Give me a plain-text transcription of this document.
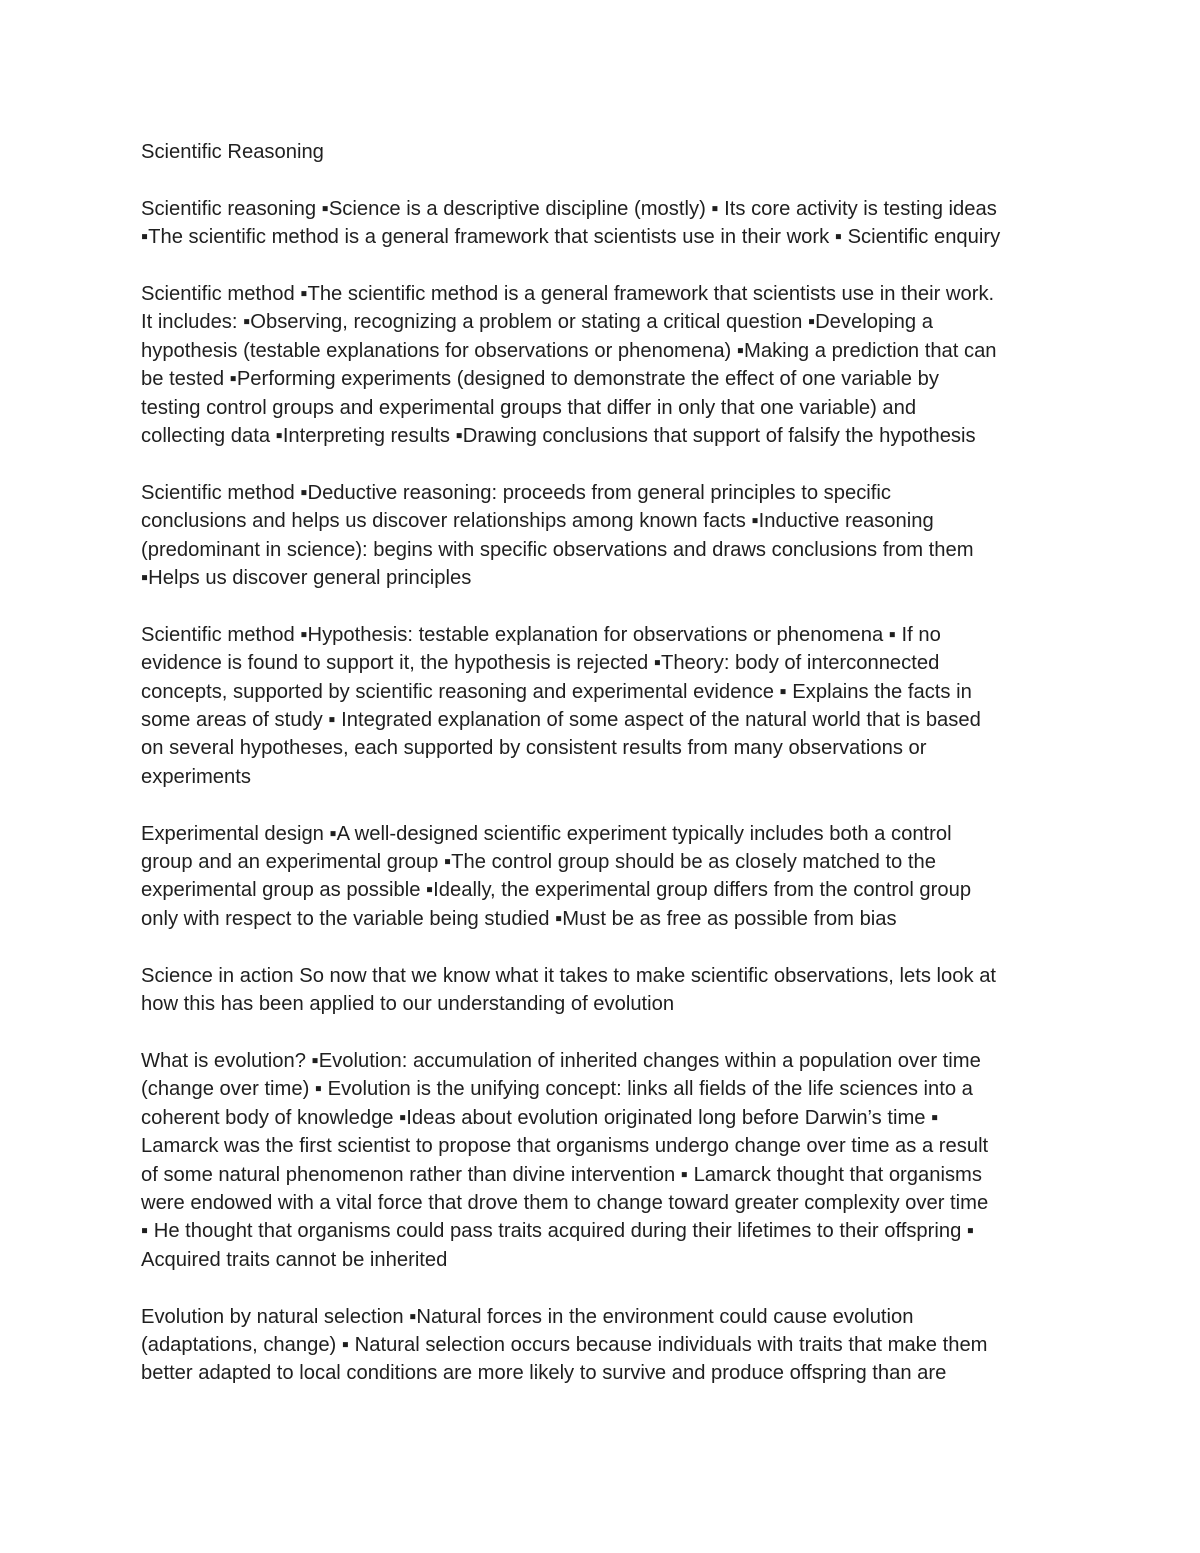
Scientific Reasoning
Scientific reasoning ▪Science is a descriptive discipline (mostly) ▪ Its core activity is testing ideas
▪The scientific method is a general framework that scientists use in their work ▪ Scientific enquiry
Scientific method ▪The scientific method is a general framework that scientists use in their work.
It includes: ▪Observing, recognizing a problem or stating a critical question ▪Developing a
hypothesis (testable explanations for observations or phenomena) ▪Making a prediction that can
be tested ▪Performing experiments (designed to demonstrate the effect of one variable by
testing control groups and experimental groups that differ in only that one variable) and
collecting data ▪Interpreting results ▪Drawing conclusions that support of falsify the hypothesis
Scientific method ▪Deductive reasoning: proceeds from general principles to specific
conclusions and helps us discover relationships among known facts ▪Inductive reasoning
(predominant in science): begins with specific observations and draws conclusions from them
▪Helps us discover general principles
Scientific method ▪Hypothesis: testable explanation for observations or phenomena ▪ If no
evidence is found to support it, the hypothesis is rejected ▪Theory: body of interconnected
concepts, supported by scientific reasoning and experimental evidence ▪ Explains the facts in
some areas of study ▪ Integrated explanation of some aspect of the natural world that is based
on several hypotheses, each supported by consistent results from many observations or
experiments
Experimental design ▪A well-designed scientific experiment typically includes both a control
group and an experimental group ▪The control group should be as closely matched to the
experimental group as possible ▪Ideally, the experimental group differs from the control group
only with respect to the variable being studied ▪Must be as free as possible from bias
Science in action So now that we know what it takes to make scientific observations, lets look at
how this has been applied to our understanding of evolution
What is evolution? ▪Evolution: accumulation of inherited changes within a population over time
(change over time) ▪ Evolution is the unifying concept: links all fields of the life sciences into a
coherent body of knowledge ▪Ideas about evolution originated long before Darwin’s time ▪
Lamarck was the first scientist to propose that organisms undergo change over time as a result
of some natural phenomenon rather than divine intervention ▪ Lamarck thought that organisms
were endowed with a vital force that drove them to change toward greater complexity over time
▪ He thought that organisms could pass traits acquired during their lifetimes to their offspring ▪
Acquired traits cannot be inherited
Evolution by natural selection ▪Natural forces in the environment could cause evolution
(adaptations, change) ▪ Natural selection occurs because individuals with traits that make them
better adapted to local conditions are more likely to survive and produce offspring than are
